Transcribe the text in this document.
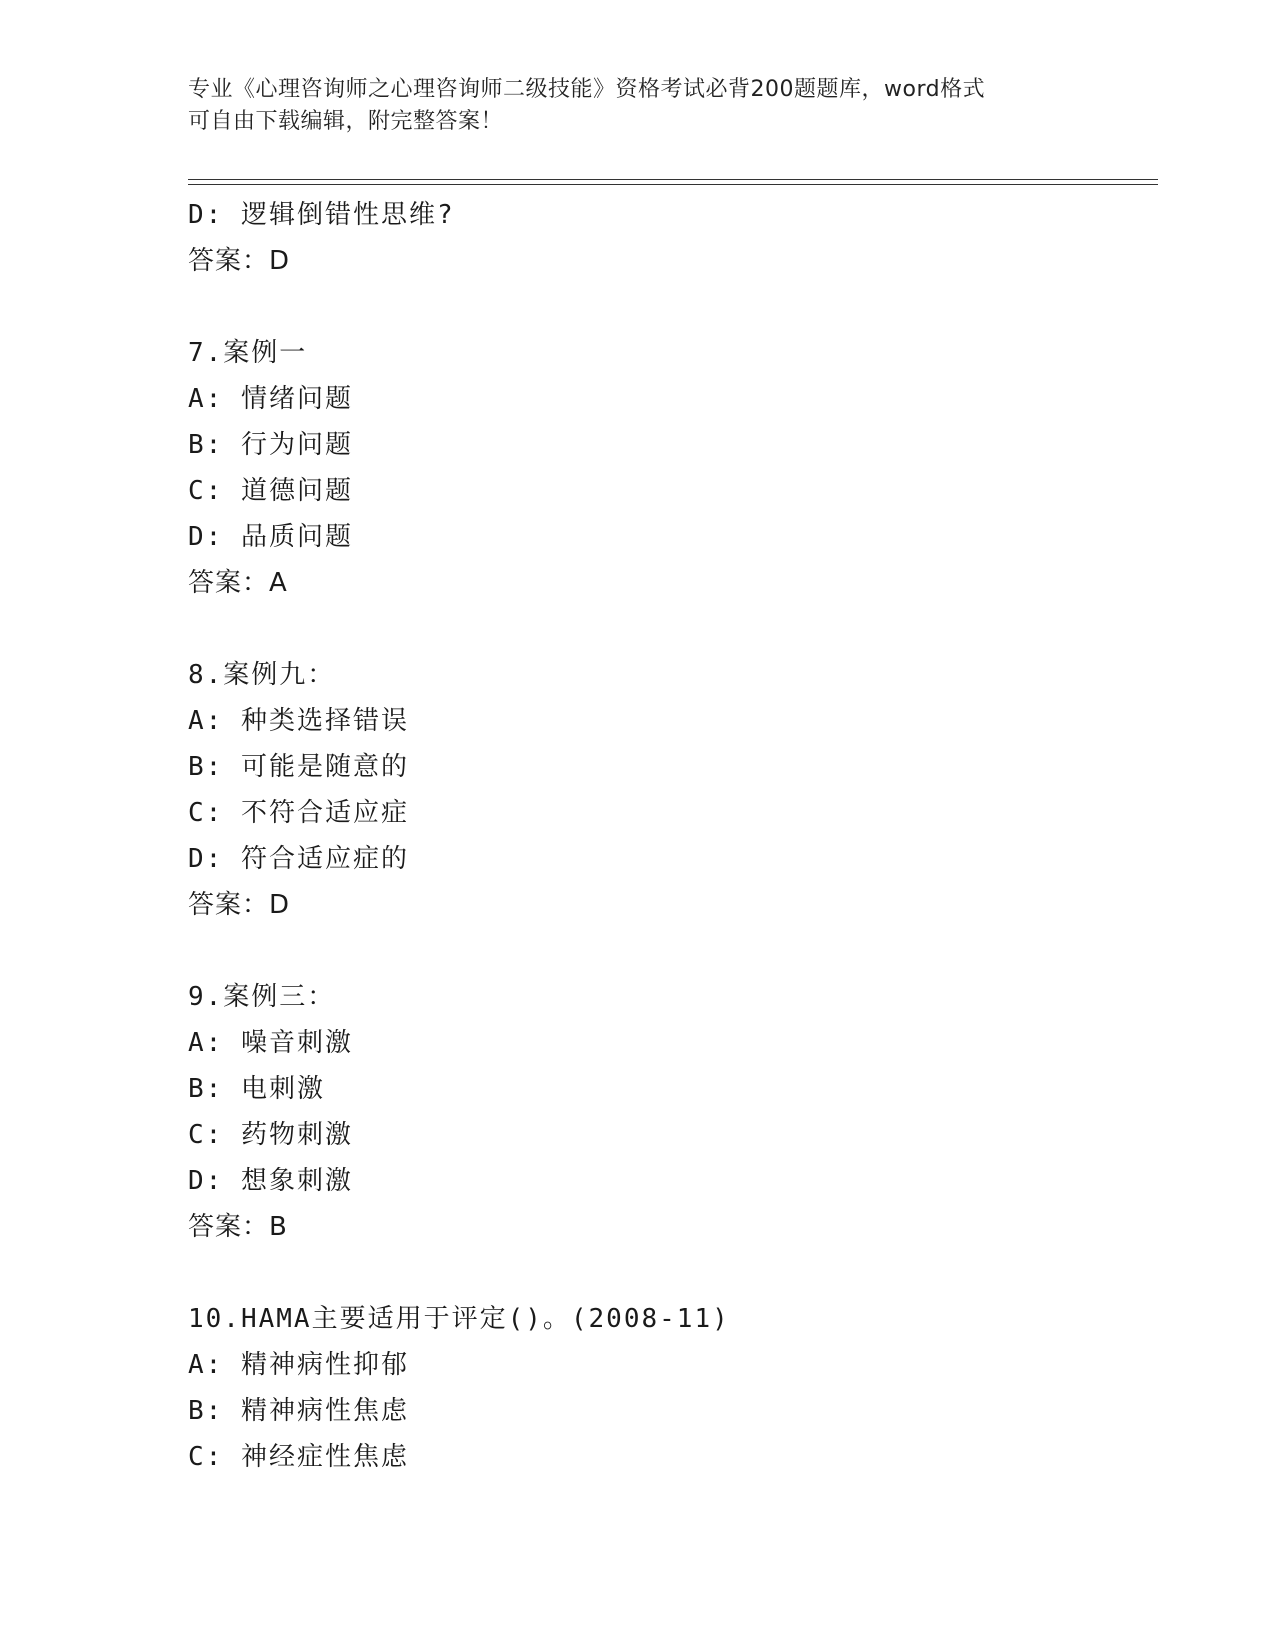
专业《心理咨询师之心理咨询师二级技能》资格考试必背200题题库，word格式
可自由下载编辑，附完整答案！
D: 逻辑倒错性思维?
答案：D
7.案例一
A: 情绪问题
B: 行为问题
C: 道德问题
D: 品质问题
答案：A
8.案例九：
A: 种类选择错误
B: 可能是随意的
C: 不符合适应症
D: 符合适应症的
答案：D
9.案例三：
A: 噪音刺激
B: 电刺激
C: 药物刺激
D: 想象刺激
答案：B
10.HAMA主要适用于评定()。(2008-11)
A: 精神病性抑郁
B: 精神病性焦虑
C: 神经症性焦虑
